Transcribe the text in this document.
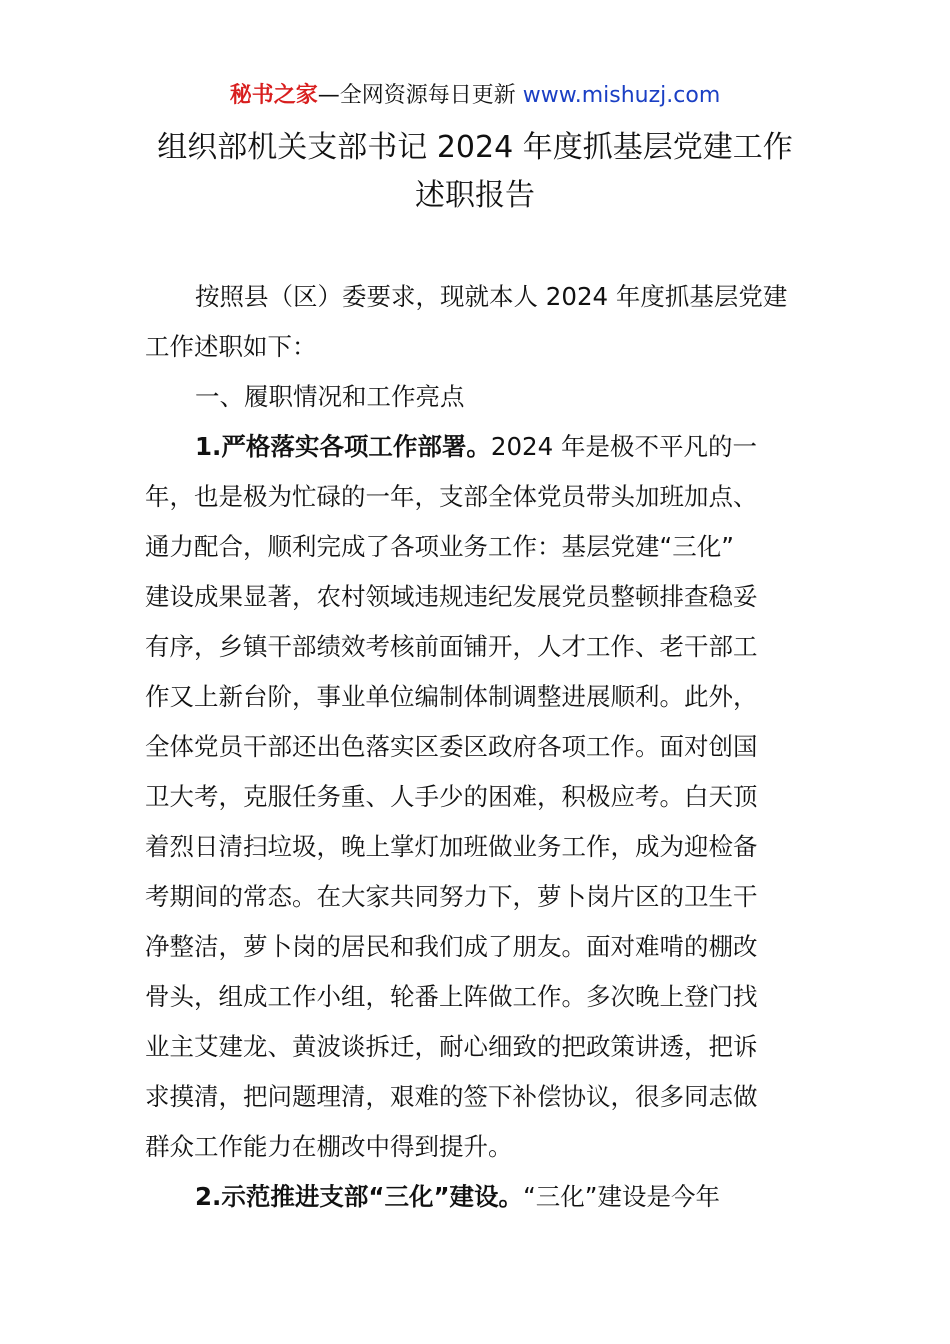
秘书之家—全网资源每日更新 www.mishuzj.com
组织部机关支部书记 2024 年度抓基层党建工作
述职报告
按照县（区）委要求，现就本人 2024 年度抓基层党建
工作述职如下：
一、履职情况和工作亮点
1.严格落实各项工作部署。2024 年是极不平凡的一
年，也是极为忙碌的一年，支部全体党员带头加班加点、
通力配合，顺利完成了各项业务工作：基层党建“三化”
建设成果显著，农村领域违规违纪发展党员整顿排查稳妥
有序，乡镇干部绩效考核前面铺开，人才工作、老干部工
作又上新台阶，事业单位编制体制调整进展顺利。此外，
全体党员干部还出色落实区委区政府各项工作。面对创国
卫大考，克服任务重、人手少的困难，积极应考。白天顶
着烈日清扫垃圾，晚上掌灯加班做业务工作，成为迎检备
考期间的常态。在大家共同努力下，萝卜岗片区的卫生干
净整洁，萝卜岗的居民和我们成了朋友。面对难啃的棚改
骨头，组成工作小组，轮番上阵做工作。多次晚上登门找
业主艾建龙、黄波谈拆迁，耐心细致的把政策讲透，把诉
求摸清，把问题理清，艰难的签下补偿协议，很多同志做
群众工作能力在棚改中得到提升。
2.示范推进支部“三化”建设。“三化”建设是今年
